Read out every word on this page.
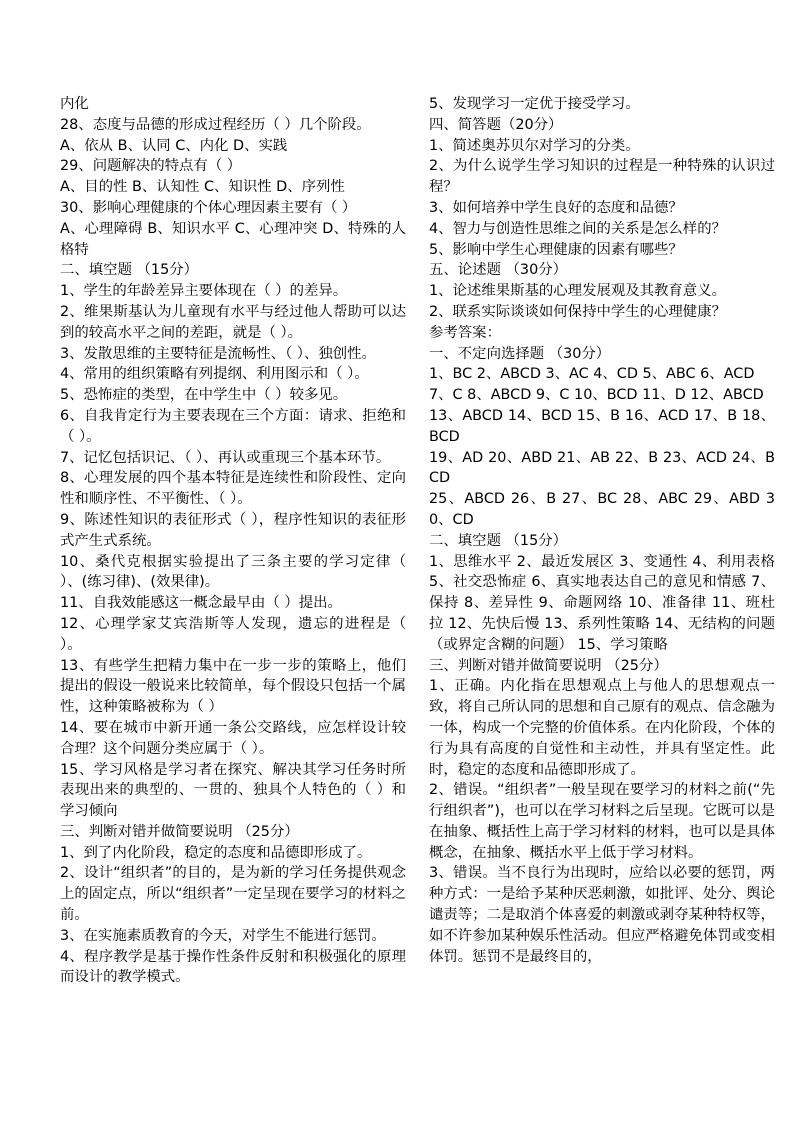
内化

28、态度与品德的形成过程经历（ ）几个阶段。

A、依从 B、认同 C、内化 D、实践

29、问题解决的特点有（ ）

A、目的性 B、认知性 C、知识性 D、序列性

30、影响心理健康的个体心理因素主要有（ ）

A、心理障碍 B、知识水平 C、心理冲突 D、特殊的人格特

二、填空题 （15分）

1、学生的年龄差异主要体现在（ ）的差异。

2、维果斯基认为儿童现有水平与经过他人帮助可以达到的较高水平之间的差距，就是（ ）。

3、发散思维的主要特征是流畅性、（ ）、独创性。

4、常用的组织策略有列提纲、利用图示和（ ）。

5、恐怖症的类型，在中学生中（ ）较多见。

6、自我肯定行为主要表现在三个方面：请求、拒绝和（ ）。

7、记忆包括识记、（ ）、再认或重现三个基本环节。

8、心理发展的四个基本特征是连续性和阶段性、定向性和顺序性、不平衡性、（ ）。

9、陈述性知识的表征形式（ ），程序性知识的表征形式产生式系统。

10、桑代克根据实验提出了三条主要的学习定律（ ）、(练习律)、(效果律)。

11、自我效能感这一概念最早由（ ）提出。

12、心理学家艾宾浩斯等人发现，遗忘的进程是（ ）。

13、有些学生把精力集中在一步一步的策略上，他们提出的假设一般说来比较简单，每个假设只包括一个属性，这种策略被称为（ ）

14、要在城市中新开通一条公交路线，应怎样设计较合理？这个问题分类应属于（ ）。

15、学习风格是学习者在探究、解决其学习任务时所表现出来的典型的、一贯的、独具个人特色的（ ）和学习倾向

三、判断对错并做简要说明 （25分）

1、到了内化阶段，稳定的态度和品德即形成了。

2、设计“组织者”的目的，是为新的学习任务提供观念上的固定点，所以“组织者”一定呈现在要学习的材料之前。

3、在实施素质教育的今天，对学生不能进行惩罚。

4、程序教学是基于操作性条件反射和积极强化的原理而设计的教学模式。

5、发现学习一定优于接受学习。

四、简答题（20分）

1、简述奥苏贝尔对学习的分类。

2、为什么说学生学习知识的过程是一种特殊的认识过程？

3、如何培养中学生良好的态度和品德？

4、智力与创造性思维之间的关系是怎么样的？

5、影响中学生心理健康的因素有哪些？

五、论述题 （30分）

1、论述维果斯基的心理发展观及其教育意义。

2、联系实际谈谈如何保持中学生的心理健康？

参考答案：

一、不定向选择题 （30分）

1、BC 2、ABCD 3、AC 4、CD 5、ABC 6、ACD

7、C 8、ABCD 9、C 10、BCD 11、D 12、ABCD

13、ABCD 14、BCD 15、B 16、ACD 17、B 18、BCD

19、AD 20、ABD 21、AB 22、B 23、ACD 24、BCD

25、ABCD 26、B 27、BC 28、ABC 29、ABD 30、CD

二、填空题 （15分）

1、思维水平 2、最近发展区 3、变通性 4、利用表格 5、社交恐怖症 6、真实地表达自己的意见和情感 7、保持 8、差异性 9、命题网络 10、准备律 11、班杜拉 12、先快后慢 13、系列性策略 14、无结构的问题（或界定含糊的问题） 15、学习策略

三、判断对错并做简要说明 （25分）

1、正确。内化指在思想观点上与他人的思想观点一致，将自己所认同的思想和自己原有的观点、信念融为一体，构成一个完整的价值体系。在内化阶段，个体的行为具有高度的自觉性和主动性，并具有坚定性。此时，稳定的态度和品德即形成了。

2、错误。“组织者”一般呈现在要学习的材料之前(“先行组织者”)，也可以在学习材料之后呈现。它既可以是在抽象、概括性上高于学习材料的材料，也可以是具体概念，在抽象、概括水平上低于学习材料。

3、错误。当不良行为出现时，应给以必要的惩罚，两种方式：一是给予某种厌恶刺激，如批评、处分、舆论谴责等；二是取消个体喜爱的刺激或剥夺某种特权等，如不许参加某种娱乐性活动。但应严格避免体罚或变相体罚。惩罚不是最终目的，
